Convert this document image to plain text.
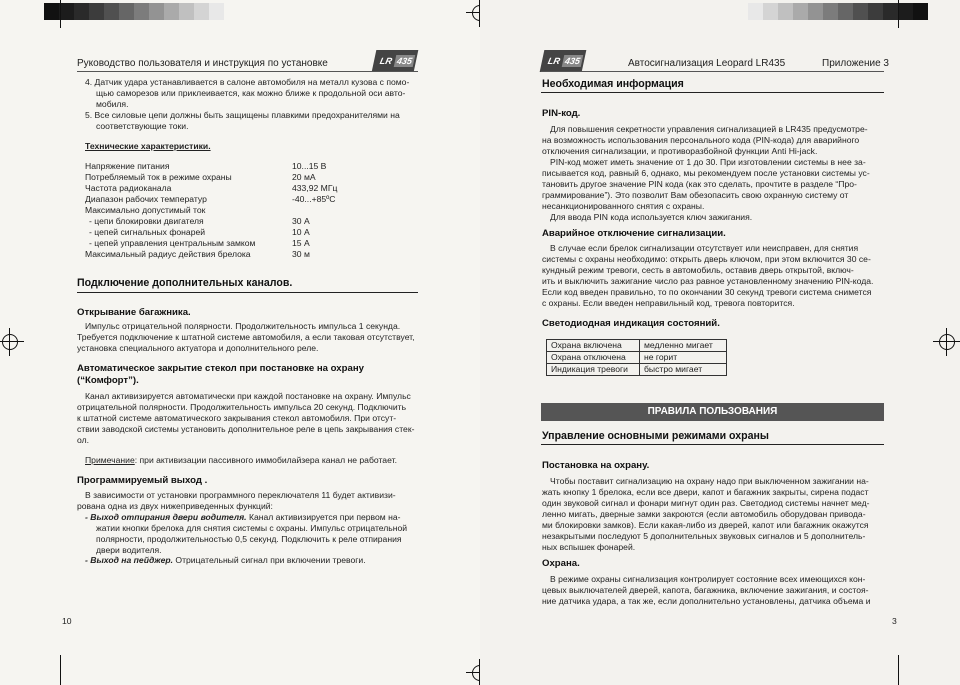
Руководство пользователя и инструкция по установке	LR 435
4. Датчик удара устанавливается в салоне автомобиля на металл кузова с помо-
щью саморезов или приклеивается, как можно ближе к продольной оси авто-
мобиля.
5. Все силовые цепи должны быть защищены плавкими предохранителями на
соответствующие токи.
Технические характеристики.
Напряжение питания	10...15 В
Потребляемый ток в режиме охраны	20 мА
Частота радиоканала	433,92 МГц
Диапазон рабочих температур	-40...+85ºС
Максимально допустимый ток
- цепи блокировки двигателя	30 А
- цепей сигнальных фонарей	10 А
- цепей управления центральным замком	15 А
Максимальный радиус действия брелока	30 м
Подключение дополнительных каналов.
Открывание багажника.
Импульс отрицательной полярности. Продолжительность импульса 1 секунда.
Требуется подключение к штатной системе автомобиля, а если таковая отсутствует,
установка специального актуатора и дополнительного реле.
Автоматическое закрытие стекол при постановке на охрану
(“Комфорт”).
Канал активизируется автоматически при каждой постановке на охрану. Импульс
отрицательной полярности. Продолжительность импульса 20 секунд. Подключить
к штатной системе автоматического закрывания стекол автомобиля. При отсут-
ствии заводской системы установить дополнительное реле в цепь закрывания стек-
ол.
Примечание: при активизации пассивного иммобилайзера канал не работает.
Программируемый выход .
В зависимости от установки программного переключателя 11 будет активизи-
рована одна из двух нижеприведенных функций:
- Выход отпирания двери водителя. Канал активизируется при первом на-
жатии кнопки брелока для снятия системы с охраны. Импульс отрицательной
полярности, продолжительностью 0,5 секунд. Подключить к реле отпирания
двери водителя.
- Выход на пейджер. Отрицательный сигнал при включении тревоги.
10
LR 435	Автосигнализация Leopard LR435	Приложение 3
Необходимая информация
PIN-код.
Для повышения секретности управления сигнализацией в LR435 предусмотре-
на возможность использования персонального кода (PIN-кода) для аварийного
отключения сигнализации, и противоразбойной функции Anti Hi-jack.
PIN-код может иметь значение от 1 до 30. При изготовлении системы в нее за-
писывается код, равный 6, однако, мы рекомендуем после установки системы ус-
тановить другое значение PIN кода (как это сделать, прочтите в разделе “Про-
граммирование”). Это позволит Вам обезопасить свою охранную систему от
несанкционированного снятия с охраны.
Для ввода PIN кода используется ключ зажигания.
Аварийное отключение сигнализации.
В случае если брелок сигнализации отсутствует или неисправен, для снятия
системы с охраны необходимо: открыть дверь ключом, при этом включится 30 се-
кундный режим тревоги, сесть в автомобиль, оставив дверь открытой, включ-
ить и выключить зажигание число раз равное установленному значению PIN-кода.
Если код введен правильно, то по окончании 30 секунд тревоги система снимется
с охраны. Если введен неправильный код, тревога повторится.
Светодиодная индикация состояний.
Охрана включена	медленно мигает
Охрана отключена	не горит
Индикация тревоги	быстро мигает
ПРАВИЛА ПОЛЬЗОВАНИЯ
Управление основными режимами охраны
Постановка на охрану.
Чтобы поставит сигнализацию на охрану надо при выключенном зажигании на-
жать кнопку 1 брелока, если все двери, капот и багажник закрыты, сирена подаст
один звуковой сигнал и фонари мигнут один раз. Светодиод системы начнет мед-
ленно мигать, дверные замки закроются (если автомобиль оборудован привода-
ми блокировки замков). Если какая-либо из дверей, капот или багажник окажутся
незакрытыми последуют 5 дополнительных звуковых сигналов и 5 дополнитель-
ных вспышек фонарей.
Охрана.
В режиме охраны сигнализация контролирует состояние всех имеющихся кон-
цевых выключателей дверей, капота, багажника, включение зажигания, и состоя-
ние датчика удара, а так же, если дополнительно установлены, датчика объема и
3
